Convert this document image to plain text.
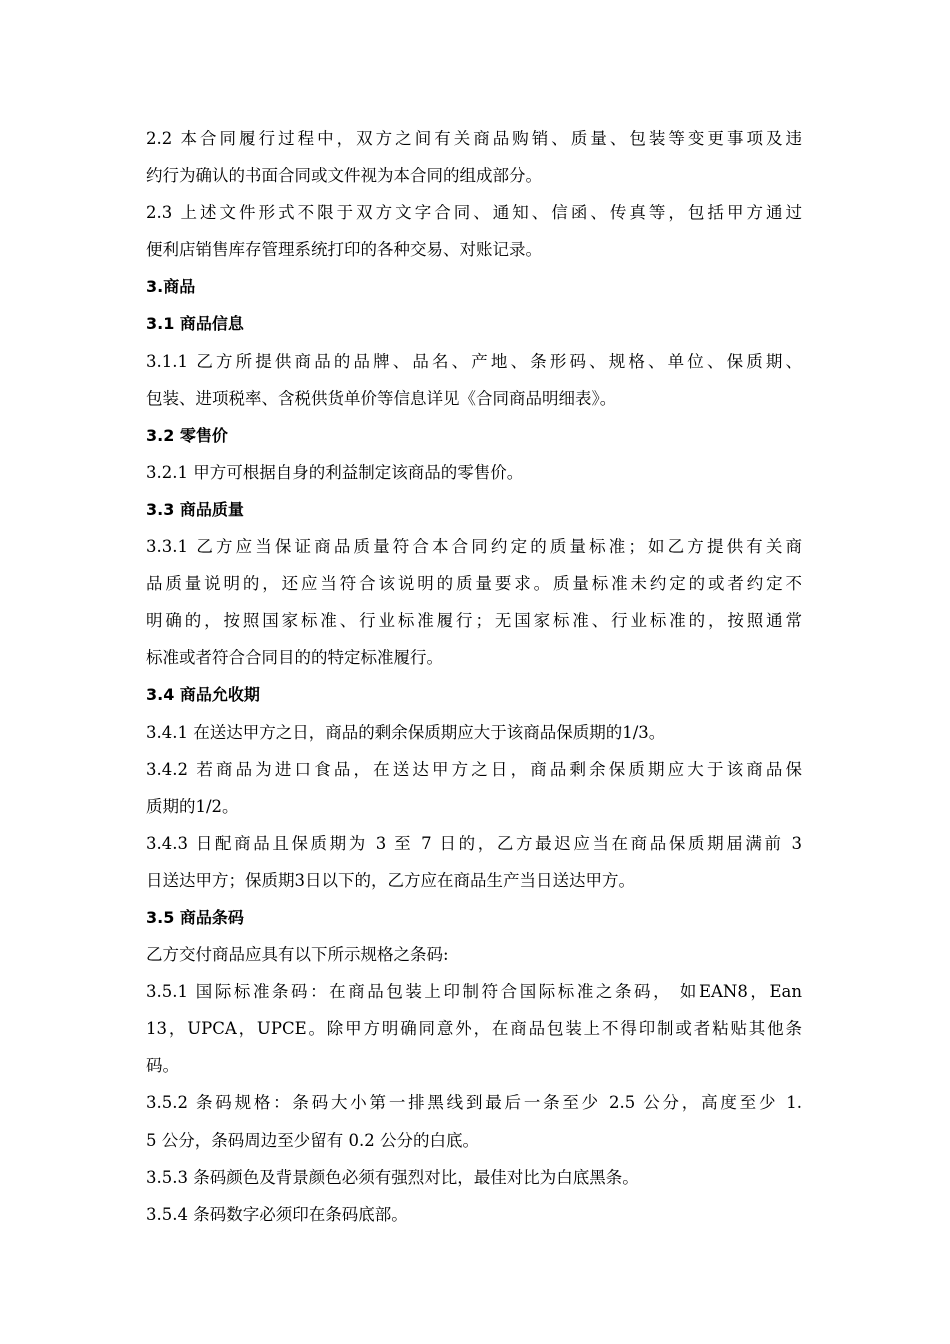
2.2 本合同履行过程中，双方之间有关商品购销、质量、包装等变更事项及违
约行为确认的书面合同或文件视为本合同的组成部分。
2.3 上述文件形式不限于双方文字合同、通知、信函、传真等，包括甲方通过
便利店销售库存管理系统打印的各种交易、对账记录。
3.商品
3.1 商品信息
3.1.1 乙方所提供商品的品牌、品名、产地、条形码、规格、单位、保质期、
包装、进项税率、含税供货单价等信息详见《合同商品明细表》。
3.2 零售价
3.2.1 甲方可根据自身的利益制定该商品的零售价。
3.3 商品质量
3.3.1 乙方应当保证商品质量符合本合同约定的质量标准；如乙方提供有关商
品质量说明的，还应当符合该说明的质量要求。质量标准未约定的或者约定不
明确的，按照国家标准、行业标准履行；无国家标准、行业标准的，按照通常
标准或者符合合同目的的特定标准履行。
3.4 商品允收期
3.4.1 在送达甲方之日，商品的剩余保质期应大于该商品保质期的1/3。
3.4.2 若商品为进口食品，在送达甲方之日，商品剩余保质期应大于该商品保
质期的1/2。
3.4.3 日配商品且保质期为 3 至 7 日的，乙方最迟应当在商品保质期届满前 3
日送达甲方；保质期3日以下的，乙方应在商品生产当日送达甲方。
3.5 商品条码
乙方交付商品应具有以下所示规格之条码:
3.5.1 国际标准条码：在商品包装上印制符合国际标准之条码， 如EAN8，Ean
13，UPCA，UPCE。除甲方明确同意外，在商品包装上不得印制或者粘贴其他条
码。
3.5.2 条码规格：条码大小第一排黑线到最后一条至少 2.5 公分，高度至少 1.
5 公分，条码周边至少留有 0.2 公分的白底。
3.5.3 条码颜色及背景颜色必须有强烈对比，最佳对比为白底黑条。
3.5.4 条码数字必须印在条码底部。
